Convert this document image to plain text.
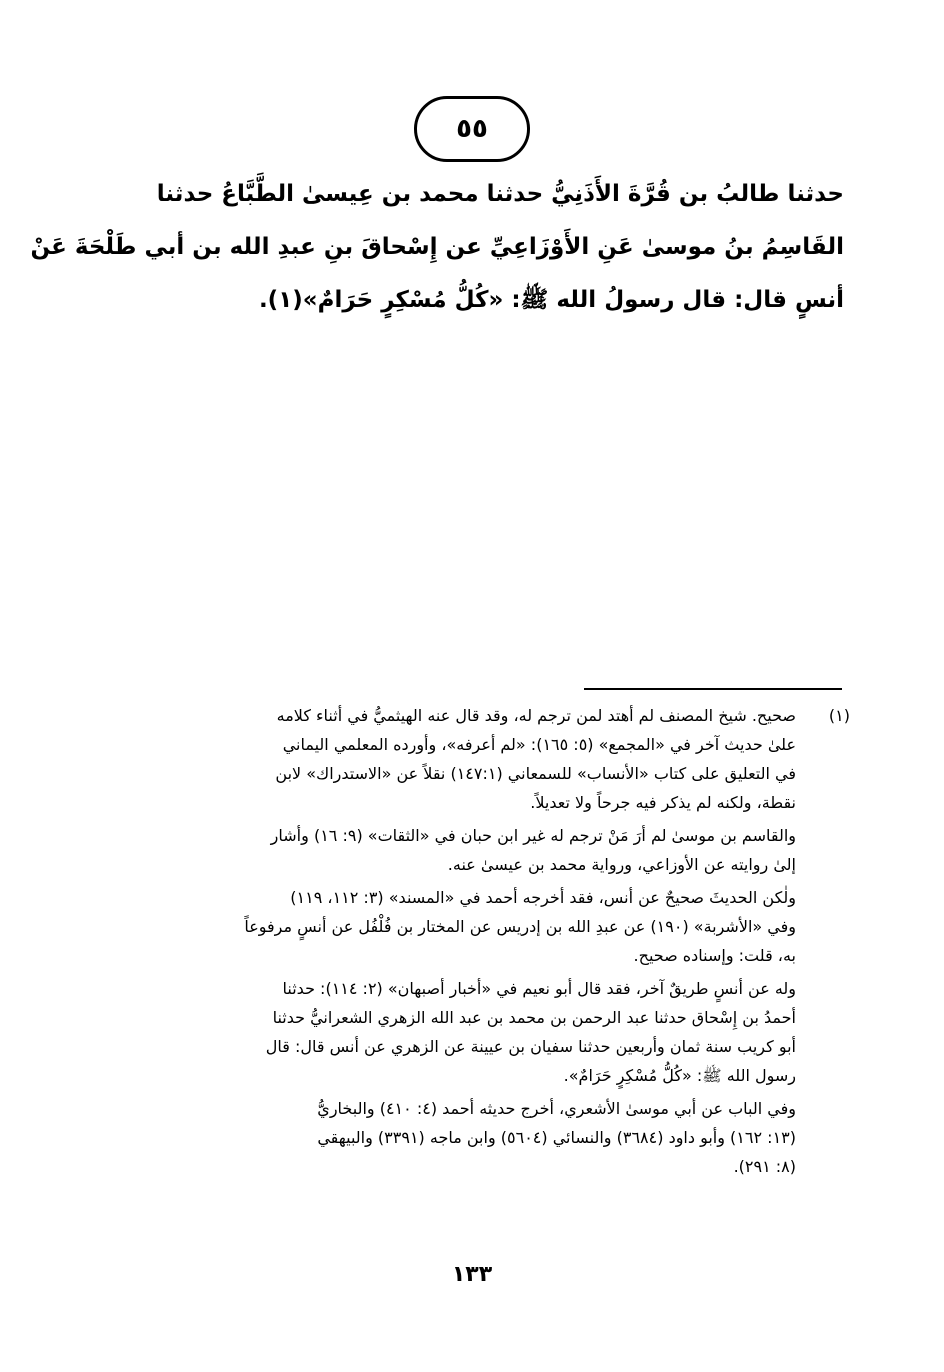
٥٥
حدثنا طالبُ بن قُرَّةَ الأَذَنِيُّ حدثنا محمد بن عِيسىٰ الطَّبَّاعُ حدثنا
القَاسِمُ بنُ موسىٰ عَنِ الأَوْزَاعِيِّ عن إِسْحاقَ بنِ عبدِ الله بن أبي طَلْحَةَ عَنْ
أنسٍ قال: قال رسولُ الله ﷺ: «كُلُّ مُسْكِرٍ حَرَامٌ»(١).
(١)
صحيح. شيخ المصنف لم أهتد لمن ترجم له، وقد قال عنه الهيثميُّ في أثناء كلامه
علىٰ حديث آخر في «المجمع» (٥: ١٦٥): «لم أعرفه»، وأورده المعلمي اليماني
في التعليق على كتاب «الأنساب» للسمعاني (١٤٧:١) نقلاً عن «الاستدراك» لابن
نقطة، ولكنه لم يذكر فيه جرحاً ولا تعديلاً.
والقاسم بن موسىٰ لم أرَ مَنْ ترجم له غير ابن حبان في «الثقات» (٩: ١٦) وأشار
إلىٰ روايته عن الأوزاعي، ورواية محمد بن عيسىٰ عنه.
ولٰكن الحديثَ صحيحٌ عن أنس، فقد أخرجه أحمد في «المسند» (٣: ١١٢، ١١٩)
وفي «الأشربة» (١٩٠) عن عبدِ الله بن إدريس عن المختار بن فُلْفُل عن أنسٍ مرفوعاً
به، قلت: وإسناده صحيح.
وله عن أنسٍ طريقٌ آخر، فقد قال أبو نعيم في «أخبار أصبهان» (٢: ١١٤): حدثنا
أحمدُ بن إِسْحاق حدثنا عبد الرحمن بن محمد بن عبد الله الزهري الشعرانيُّ حدثنا
أبو كريب سنة ثمان وأربعين حدثنا سفيان بن عيينة عن الزهري عن أنس قال: قال
رسول الله ﷺ: «كُلُّ مُسْكِرٍ حَرَامٌ».
وفي الباب عن أبي موسىٰ الأشعري، أخرج حديثه أحمد (٤: ٤١٠) والبخاريُّ
(١٣: ١٦٢) وأبو داود (٣٦٨٤) والنسائي (٥٦٠٤) وابن ماجه (٣٣٩١) والبيهقي
(٨: ٢٩١).
١٣٣
